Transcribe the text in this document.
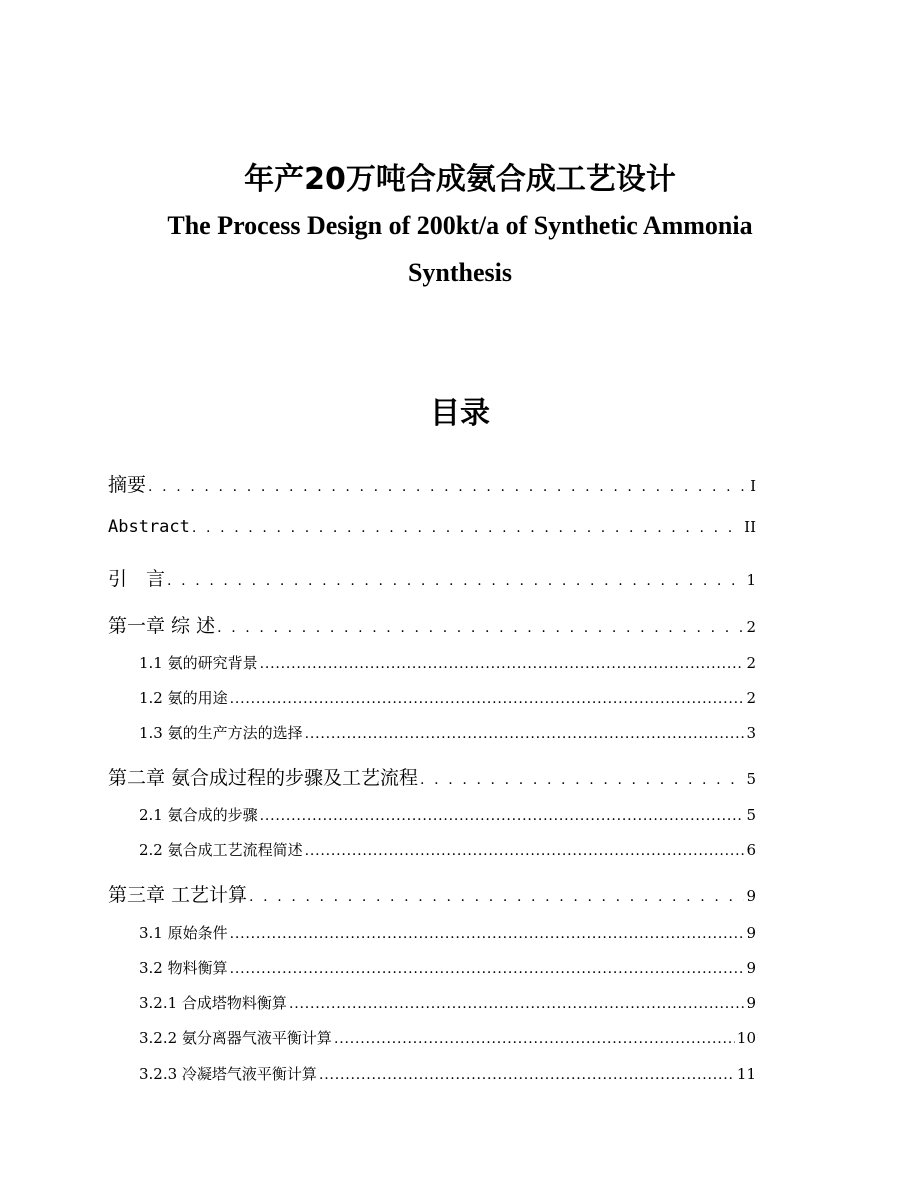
年产20万吨合成氨合成工艺设计
The Process Design of 200kt/a of Synthetic Ammonia
Synthesis
目录
摘要 . . .	I
Abstract . . .	II
引　言 . . .	1
第一章 综 述 . . .	2
1.1 氨的研究背景 .....	2
1.2 氨的用途 .....	2
1.3 氨的生产方法的选择 .....	3
第二章 氨合成过程的步骤及工艺流程 . . .	5
2.1 氨合成的步骤 .....	5
2.2 氨合成工艺流程简述 .....	6
第三章 工艺计算 . . .	9
3.1 原始条件 .....	9
3.2 物料衡算 .....	9
3.2.1 合成塔物料衡算 .....	9
3.2.2 氨分离器气液平衡计算 .....	10
3.2.3 冷凝塔气液平衡计算 .....	11
